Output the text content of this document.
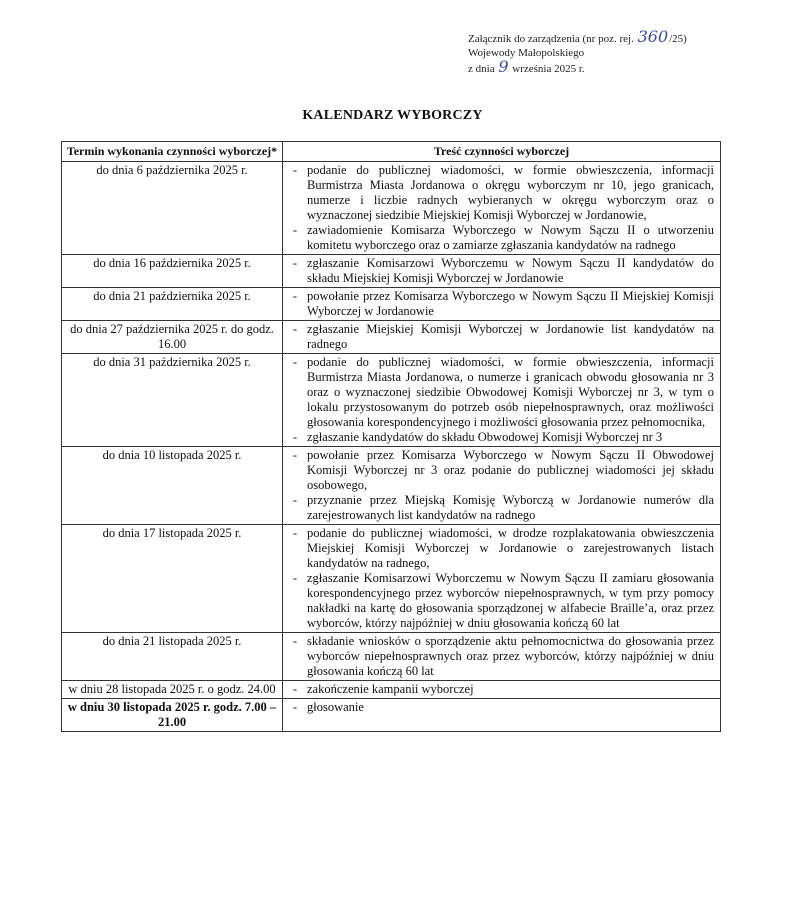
Załącznik do zarządzenia (nr poz. rej. 360/25)
Wojewody Małopolskiego
z dnia 9 września 2025 r.
KALENDARZ WYBORCZY
Termin wykonania czynności wyborczej*	Treść czynności wyborczej
do dnia 6 października 2025 r.	- podanie do publicznej wiadomości, w formie obwieszczenia, informacji Burmistrza Miasta Jordanowa o okręgu wyborczym nr 10, jego granicach, numerze i liczbie radnych wybieranych w okręgu wyborczym oraz o wyznaczonej siedzibie Miejskiej Komisji Wyborczej w Jordanowie,
- zawiadomienie Komisarza Wyborczego w Nowym Sączu II o utworzeniu komitetu wyborczego oraz o zamiarze zgłaszania kandydatów na radnego

do dnia 16 października 2025 r.	- zgłaszanie Komisarzowi Wyborczemu w Nowym Sączu II kandydatów do składu Miejskiej Komisji Wyborczej w Jordanowie

do dnia 21 października 2025 r.	- powołanie przez Komisarza Wyborczego w Nowym Sączu II Miejskiej Komisji Wyborczej w Jordanowie

do dnia 27 października 2025 r. do godz. 16.00	- zgłaszanie Miejskiej Komisji Wyborczej w Jordanowie list kandydatów na radnego

do dnia 31 października 2025 r.	- podanie do publicznej wiadomości, w formie obwieszczenia, informacji Burmistrza Miasta Jordanowa, o numerze i granicach obwodu głosowania nr 3 oraz o wyznaczonej siedzibie Obwodowej Komisji Wyborczej nr 3, w tym o lokalu przystosowanym do potrzeb osób niepełnosprawnych, oraz możliwości głosowania korespondencyjnego i możliwości głosowania przez pełnomocnika,
- zgłaszanie kandydatów do składu Obwodowej Komisji Wyborczej nr 3

do dnia 10 listopada 2025 r.	- powołanie przez Komisarza Wyborczego w Nowym Sączu II Obwodowej Komisji Wyborczej nr 3 oraz podanie do publicznej wiadomości jej składu osobowego,
- przyznanie przez Miejską Komisję Wyborczą w Jordanowie numerów dla zarejestrowanych list kandydatów na radnego

do dnia 17 listopada 2025 r.	- podanie do publicznej wiadomości, w drodze rozplakatowania obwieszczenia Miejskiej Komisji Wyborczej w Jordanowie o zarejestrowanych listach kandydatów na radnego,
- zgłaszanie Komisarzowi Wyborczemu w Nowym Sączu II zamiaru głosowania korespondencyjnego przez wyborców niepełnosprawnych, w tym przy pomocy nakładki na kartę do głosowania sporządzonej w alfabecie Braille’a, oraz przez wyborców, którzy najpóźniej w dniu głosowania kończą 60 lat

do dnia 21 listopada 2025 r.	- składanie wniosków o sporządzenie aktu pełnomocnictwa do głosowania przez wyborców niepełnosprawnych oraz przez wyborców, którzy najpóźniej w dniu głosowania kończą 60 lat

w dniu 28 listopada 2025 r. o godz. 24.00	- zakończenie kampanii wyborczej

w dniu 30 listopada 2025 r. godz. 7.00 – 21.00	- głosowanie
